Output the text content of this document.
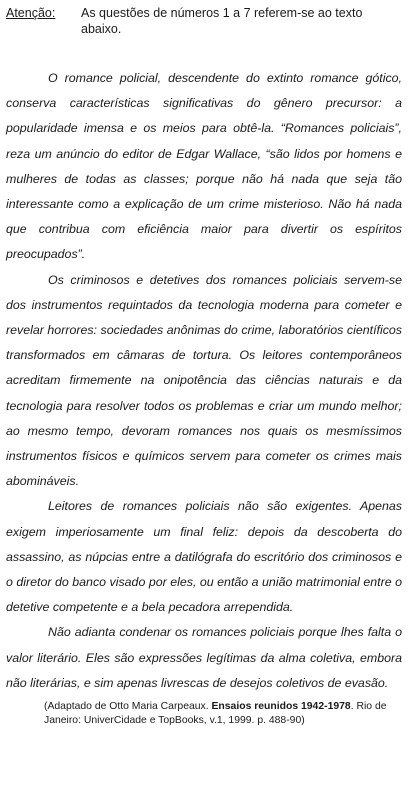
Atenção:	As questões de números 1 a 7 referem-se ao texto abaixo.

O romance policial, descendente do extinto romance gótico, conserva características significativas do gênero precursor: a popularidade imensa e os meios para obtê-la. “Romances policiais”, reza um anúncio do editor de Edgar Wallace, “são lidos por homens e mulheres de todas as classes; porque não há nada que seja tão interessante como a explicação de um crime misterioso. Não há nada que contribua com eficiência maior para divertir os espíritos preocupados”.

Os criminosos e detetives dos romances policiais servem-se dos instrumentos requintados da tecnologia moderna para cometer e revelar horrores: sociedades anônimas do crime, laboratórios científicos transformados em câmaras de tortura. Os leitores contemporâneos acreditam firmemente na onipotência das ciências naturais e da tecnologia para resolver todos os problemas e criar um mundo melhor; ao mesmo tempo, devoram romances nos quais os mesmíssimos instrumentos físicos e químicos servem para cometer os crimes mais abomináveis.

Leitores de romances policiais não são exigentes. Apenas exigem imperiosamente um final feliz: depois da descoberta do assassino, as núpcias entre a datilógrafa do escritório dos criminosos e o diretor do banco visado por eles, ou então a união matrimonial entre o detetive competente e a bela pecadora arrependida.

Não adianta condenar os romances policiais porque lhes falta o valor literário. Eles são expressões legítimas da alma coletiva, embora não literárias, e sim apenas livrescas de desejos coletivos de evasão.

(Adaptado de Otto Maria Carpeaux. Ensaios reunidos 1942-1978. Rio de Janeiro: UniverCidade e TopBooks, v.1, 1999. p. 488-90)
